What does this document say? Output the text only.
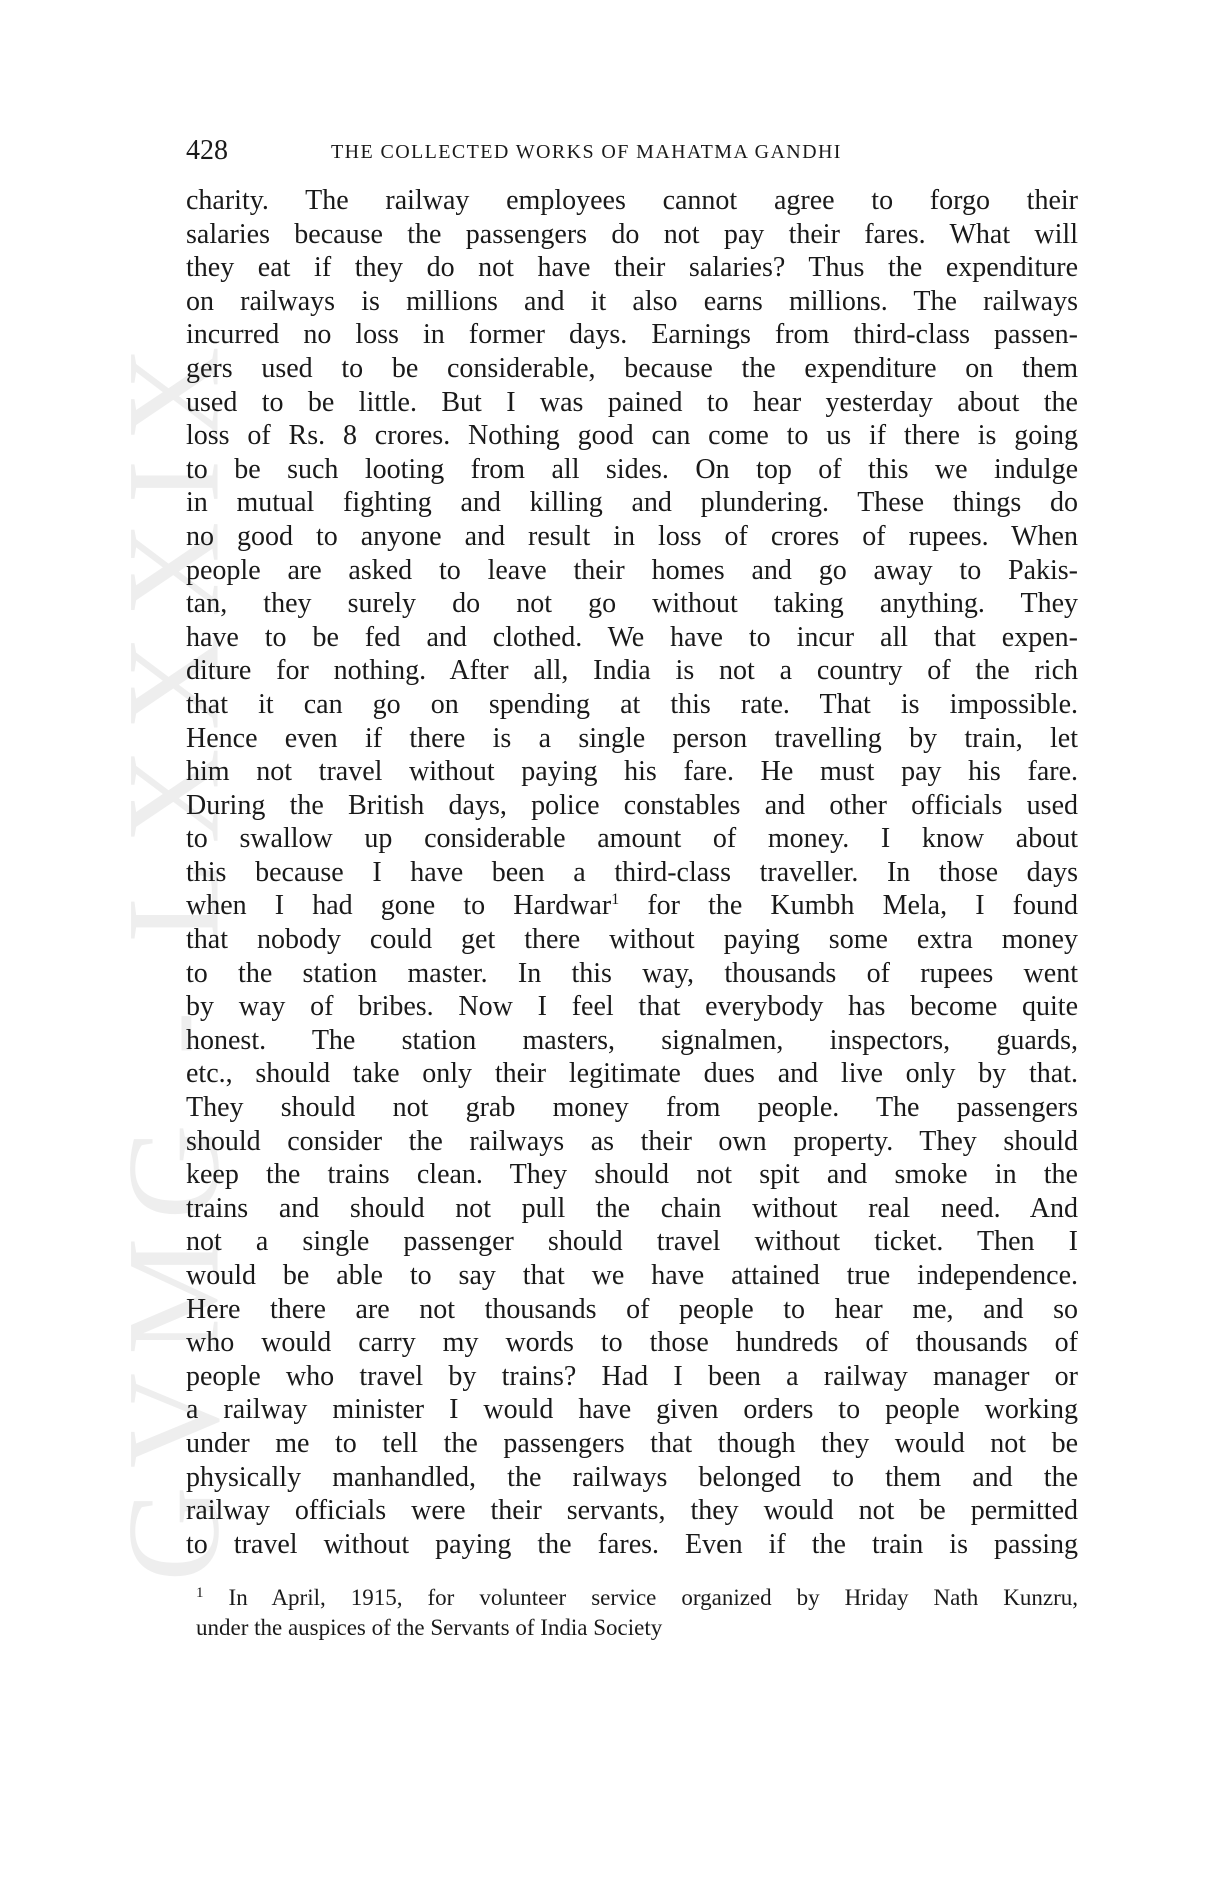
GVMG - LXXXIX
428	THE COLLECTED WORKS OF MAHATMA GANDHI
charity. The railway employees cannot agree to forgo their
salaries because the passengers do not pay their fares. What will
they eat if they do not have their salaries? Thus the expenditure
on railways is millions and it also earns millions. The railways
incurred no loss in former days. Earnings from third-class passen-
gers used to be considerable, because the expenditure on them
used to be little. But I was pained to hear yesterday about the
loss of Rs. 8 crores. Nothing good can come to us if there is going
to be such looting from all sides. On top of this we indulge
in mutual fighting and killing and plundering. These things do
no good to anyone and result in loss of crores of rupees. When
people are asked to leave their homes and go away to Pakis-
tan, they surely do not go without taking anything. They
have to be fed and clothed. We have to incur all that expen-
diture for nothing. After all, India is not a country of the rich
that it can go on spending at this rate. That is impossible.
Hence even if there is a single person travelling by train, let
him not travel without paying his fare. He must pay his fare.
During the British days, police constables and other officials used
to swallow up considerable amount of money. I know about
this because I have been a third-class traveller. In those days
when I had gone to Hardwar$^1$ for the Kumbh Mela, I found
that nobody could get there without paying some extra money
to the station master. In this way, thousands of rupees went
by way of bribes. Now I feel that everybody has become quite
honest. The station masters, signalmen, inspectors, guards,
etc., should take only their legitimate dues and live only by that.
They should not grab money from people. The passengers
should consider the railways as their own property. They should
keep the trains clean. They should not spit and smoke in the
trains and should not pull the chain without real need. And
not a single passenger should travel without ticket. Then I
would be able to say that we have attained true independence.
Here there are not thousands of people to hear me, and so
who would carry my words to those hundreds of thousands of
people who travel by trains? Had I been a railway manager or
a railway minister I would have given orders to people working
under me to tell the passengers that though they would not be
physically manhandled, the railways belonged to them and the
railway officials were their servants, they would not be permitted
to travel without paying the fares. Even if the train is passing
$^1$ In April, 1915, for volunteer service organized by Hriday Nath Kunzru,
under the auspices of the Servants of India Society
